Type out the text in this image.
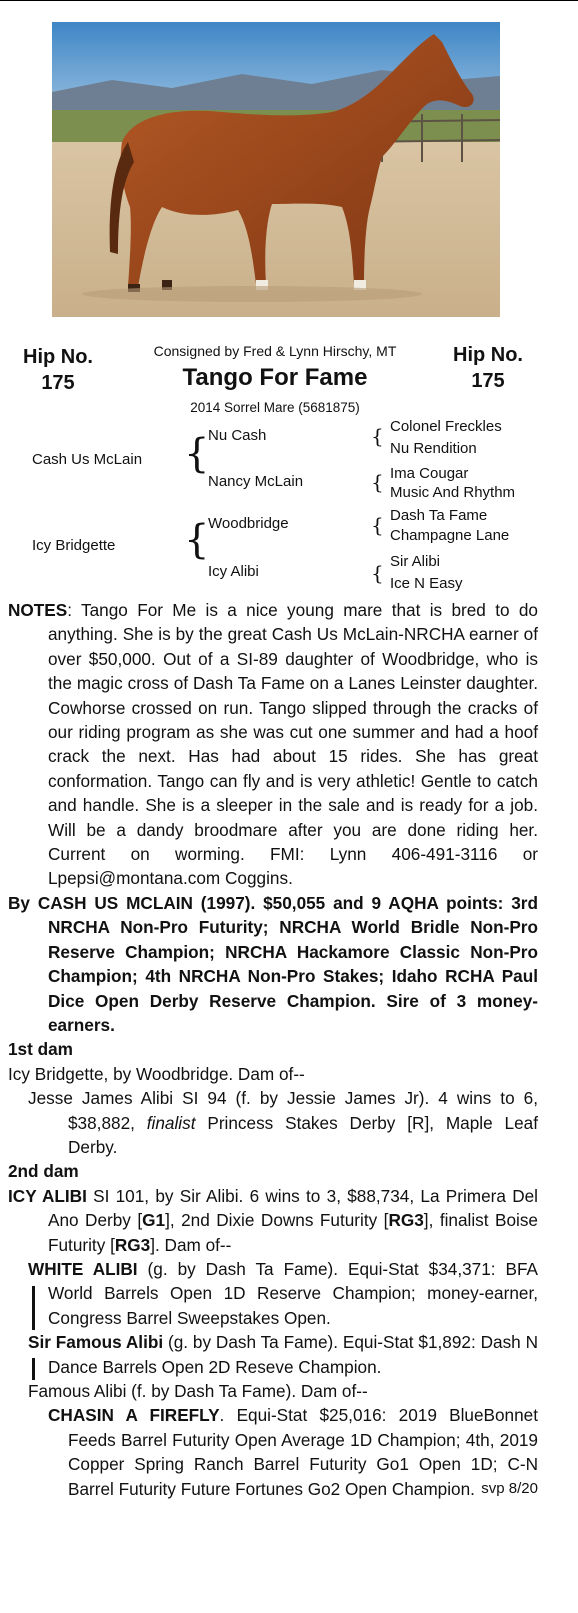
Hip No.
175
Hip No.
175
Consigned by Fred & Lynn Hirschy, MT
Tango For Fame
2014 Sorrel Mare (5681875)
Cash Us McLain {
Nu Cash
Nancy McLain
{ Colonel Freckles
Nu Rendition
{ Ima Cougar
Music And Rhythm
Icy Bridgette {
Woodbridge
Icy Alibi
{ Dash Ta Fame
Champagne Lane
{ Sir Alibi
Ice N Easy

NOTES: Tango For Me is a nice young mare that is bred to do anything. She is by the great Cash Us McLain-NRCHA earner of over $50,000. Out of a SI-89 daughter of Woodbridge, who is the magic cross of Dash Ta Fame on a Lanes Leinster daughter. Cowhorse crossed on run. Tango slipped through the cracks of our riding program as she was cut one summer and had a hoof crack the next. Has had about 15 rides. She has great conformation. Tango can fly and is very athletic! Gentle to catch and handle. She is a sleeper in the sale and is ready for a job. Will be a dandy broodmare after you are done riding her. Current on worming. FMI: Lynn 406-491-3116 or Lpepsi@montana.com Coggins.

By CASH US MCLAIN (1997). $50,055 and 9 AQHA points: 3rd NRCHA Non-Pro Futurity; NRCHA World Bridle Non-Pro Reserve Champion; NRCHA Hackamore Classic Non-Pro Champion; 4th NRCHA Non-Pro Stakes; Idaho RCHA Paul Dice Open Derby Reserve Champion. Sire of 3 money-earners.

1st dam

Icy Bridgette, by Woodbridge. Dam of--

Jesse James Alibi SI 94 (f. by Jessie James Jr). 4 wins to 6, $38,882, finalist Princess Stakes Derby [R], Maple Leaf Derby.

2nd dam

ICY ALIBI SI 101, by Sir Alibi. 6 wins to 3, $88,734, La Primera Del Ano Derby [G1], 2nd Dixie Downs Futurity [RG3], finalist Boise Futurity [RG3]. Dam of--

WHITE ALIBI (g. by Dash Ta Fame). Equi-Stat $34,371: BFA World Barrels Open 1D Reserve Champion; money-earner, Congress Barrel Sweepstakes Open.

Sir Famous Alibi (g. by Dash Ta Fame). Equi-Stat $1,892: Dash N Dance Barrels Open 2D Reseve Champion.

Famous Alibi (f. by Dash Ta Fame). Dam of--

CHASIN A FIREFLY. Equi-Stat $25,016: 2019 BlueBonnet Feeds Barrel Futurity Open Average 1D Champion; 4th, 2019 Copper Spring Ranch Barrel Futurity Go1 Open 1D; C-N Barrel Futurity Future Fortunes Go2 Open Champion. svp 8/20
